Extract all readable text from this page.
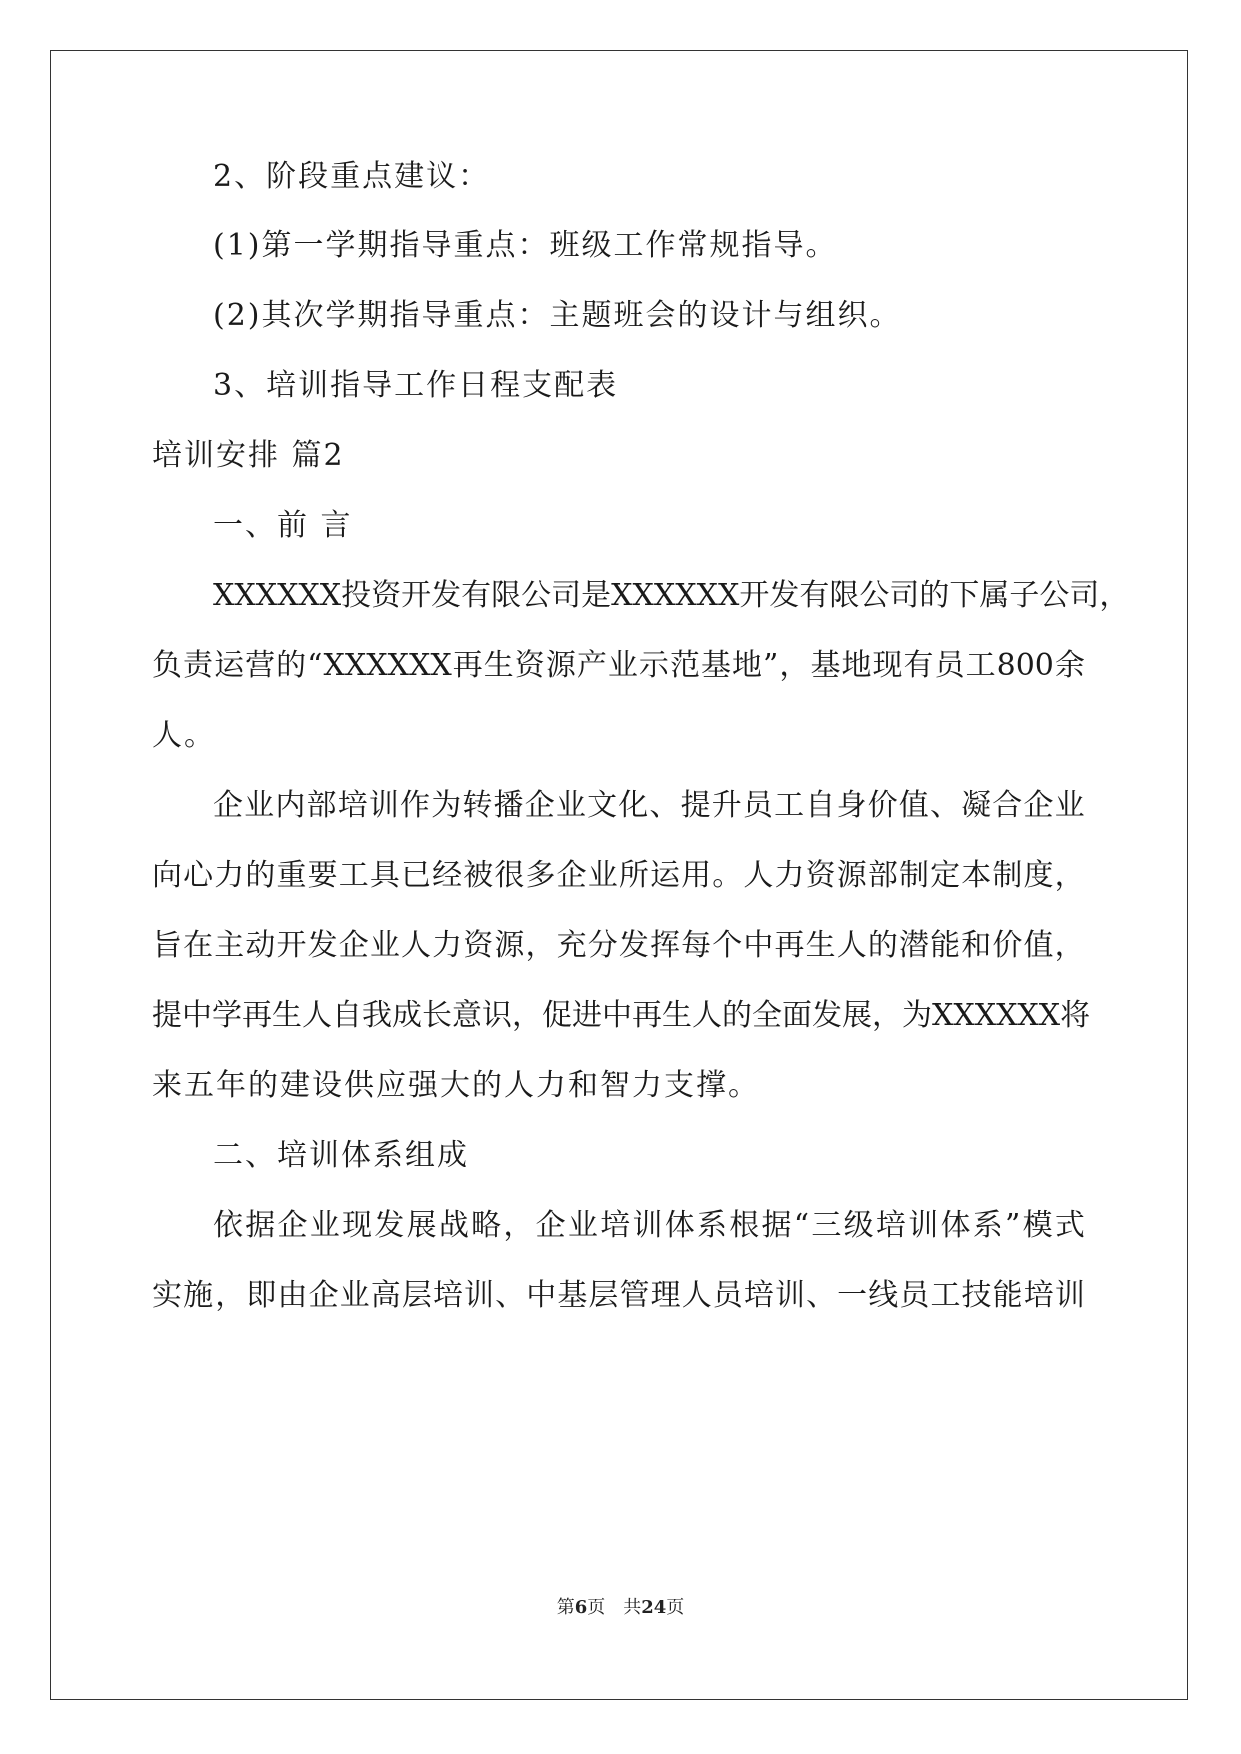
2、阶段重点建议：

(1)第一学期指导重点：班级工作常规指导。

(2)其次学期指导重点：主题班会的设计与组织。

3、培训指导工作日程支配表

培训安排 篇2

一、前 言

XXXXXX 投 资 开 发 有 限 公 司 是 XXXXXX 开 发 有 限 公 司 的 下 属 子 公 司 ，

负 责 运 营 的 “ XXXXXX 再 生 资 源 产 业 示 范 基 地 ” ， 基 地 现 有 员 工 800 余

人。

企 业 内 部 培 训 作 为 转 播 企 业 文 化 、 提 升 员 工 自 身 价 值 、 凝 合 企 业

向 心 力 的 重 要 工 具 已 经 被 很 多 企 业 所 运 用 。 人 力 资 源 部 制 定 本 制 度 ，

旨 在 主 动 开 发 企 业 人 力 资 源 ， 充 分 发 挥 每 个 中 再 生 人 的 潜 能 和 价 值 ，

提 中 学 再 生 人 自 我 成 长 意 识 ， 促 进 中 再 生 人 的 全 面 发 展 ， 为 XXXXXX 将

来五年的建设供应强大的人力和智力支撑。

二、培训体系组成

依 据 企 业 现 发 展 战 略 ， 企 业 培 训 体 系 根 据 “ 三 级 培 训 体 系 ” 模 式

实 施 ， 即 由 企 业 高 层 培 训 、 中 基 层 管 理 人 员 培 训 、 一 线 员 工 技 能 培 训

第6页　共24页
